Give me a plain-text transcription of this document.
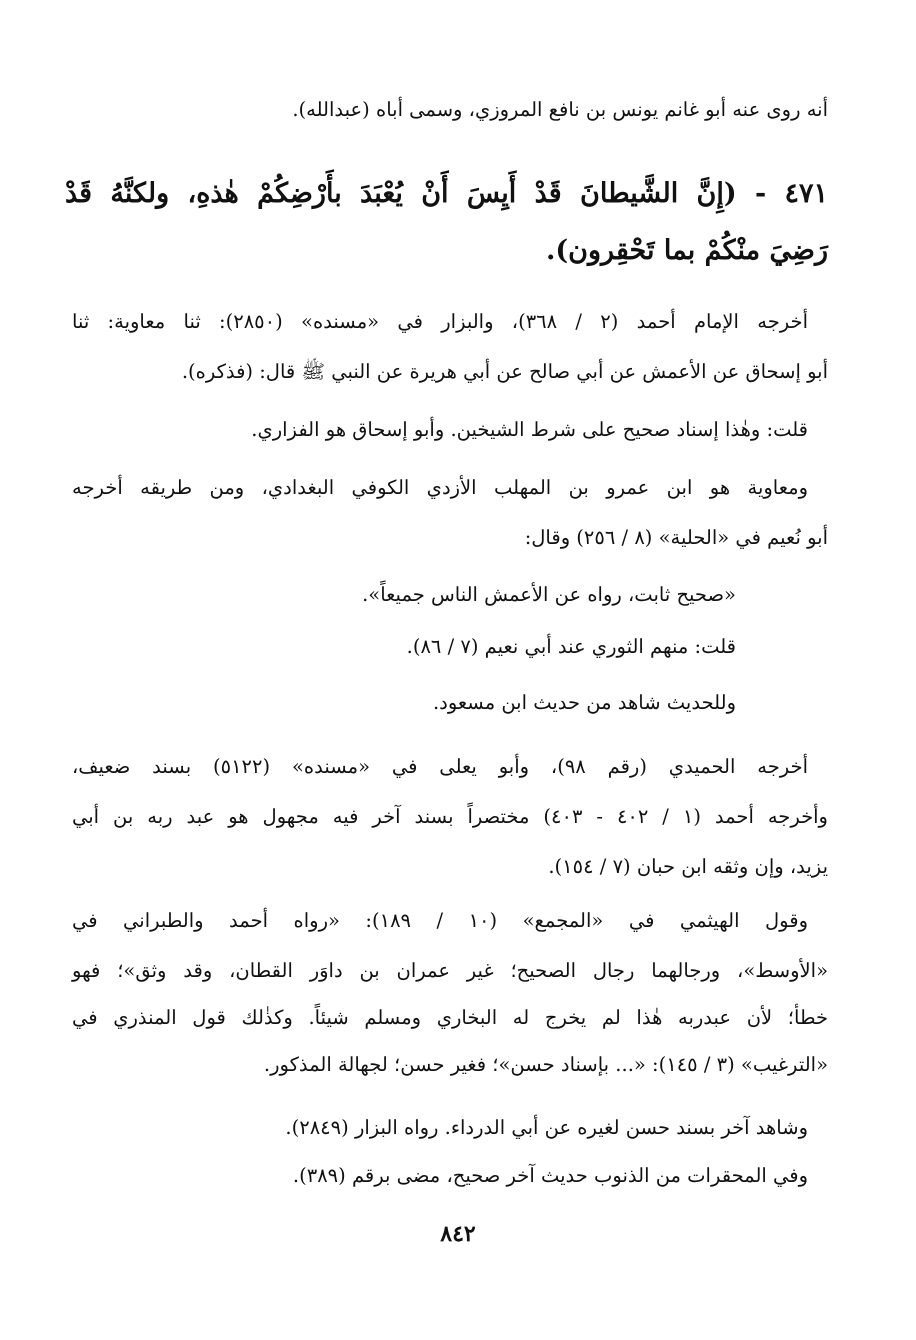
أنه روى عنه أبو غانم يونس بن نافع المروزي، وسمى أباه (عبدالله).
٤٧١ - (إِنَّ الشَّيطانَ قَدْ أَيِسَ أَنْ يُعْبَدَ بأَرْضِكُمْ هٰذهِ، ولكنَّهُ قَدْ
رَضِيَ منْكُمْ بما تَحْقِرون).
أخرجه الإمام أحمد (٢ / ٣٦٨)، والبزار في «مسنده» (٢٨٥٠): ثنا معاوية: ثنا
أبو إسحاق عن الأعمش عن أبي صالح عن أبي هريرة عن النبي ﷺ قال: (فذكره).
قلت: وهٰذا إسناد صحيح على شرط الشيخين. وأبو إسحاق هو الفزاري.
ومعاوية هو ابن عمرو بن المهلب الأزدي الكوفي البغدادي، ومن طريقه أخرجه
أبو نُعيم في «الحلية» (٨ / ٢٥٦) وقال:
«صحيح ثابت، رواه عن الأعمش الناس جميعاً».
قلت: منهم الثوري عند أبي نعيم (٧ / ٨٦).
وللحديث شاهد من حديث ابن مسعود.
أخرجه الحميدي (رقم ٩٨)، وأبو يعلى في «مسنده» (٥١٢٢) بسند ضعيف،
وأخرجه أحمد (١ / ٤٠٢ - ٤٠٣) مختصراً بسند آخر فيه مجهول هو عبد ربه بن أبي
يزيد، وإن وثقه ابن حبان (٧ / ١٥٤).
وقول الهيثمي في «المجمع» (١٠ / ١٨٩): «رواه أحمد والطبراني في
«الأوسط»، ورجالهما رجال الصحيح؛ غير عمران بن داوَر القطان، وقد وثق»؛ فهو
خطأ؛ لأن عبدربه هٰذا لم يخرج له البخاري ومسلم شيئاً. وكذٰلك قول المنذري في
«الترغيب» (٣ / ١٤٥): «... بإسناد حسن»؛ فغير حسن؛ لجهالة المذكور.
وشاهد آخر بسند حسن لغيره عن أبي الدرداء. رواه البزار (٢٨٤٩).
وفي المحقرات من الذنوب حديث آخر صحيح، مضى برقم (٣٨٩).
٨٤٢
